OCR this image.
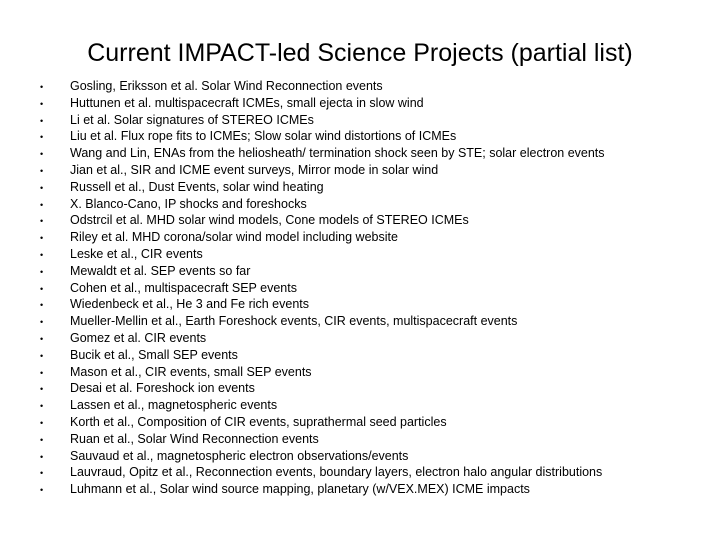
Current IMPACT-led Science Projects (partial list)
•	Gosling, Eriksson et al. Solar Wind Reconnection events
•	Huttunen et al. multispacecraft ICMEs, small ejecta in slow wind
•	Li et al. Solar signatures of STEREO ICMEs
•	Liu et al. Flux rope fits to ICMEs; Slow solar wind distortions of ICMEs
•	Wang and Lin, ENAs from the heliosheath/ termination shock seen by STE; solar electron events
•	Jian et al., SIR and ICME event surveys, Mirror mode in solar wind
•	Russell et al., Dust Events, solar wind heating
•	X. Blanco-Cano, IP shocks and foreshocks
•	Odstrcil et al. MHD solar wind models, Cone models of STEREO ICMEs
•	Riley et al. MHD corona/solar wind model including website
•	Leske et al., CIR events
•	Mewaldt et al. SEP events so far
•	Cohen et al., multispacecraft SEP events
•	Wiedenbeck et al., He 3 and Fe rich events
•	Mueller-Mellin et al., Earth Foreshock events, CIR events, multispacecraft events
•	Gomez et al. CIR events
•	Bucik et al., Small SEP events
•	Mason et al., CIR events, small SEP events
•	Desai et al. Foreshock ion events
•	Lassen et al., magnetospheric events
•	Korth et al., Composition of CIR events, suprathermal seed particles
•	Ruan et al., Solar Wind Reconnection events
•	Sauvaud et al., magnetospheric electron observations/events
•	Lauvraud, Opitz et al., Reconnection events, boundary layers, electron halo angular distributions
•	Luhmann et al., Solar wind source mapping, planetary (w/VEX.MEX) ICME impacts
